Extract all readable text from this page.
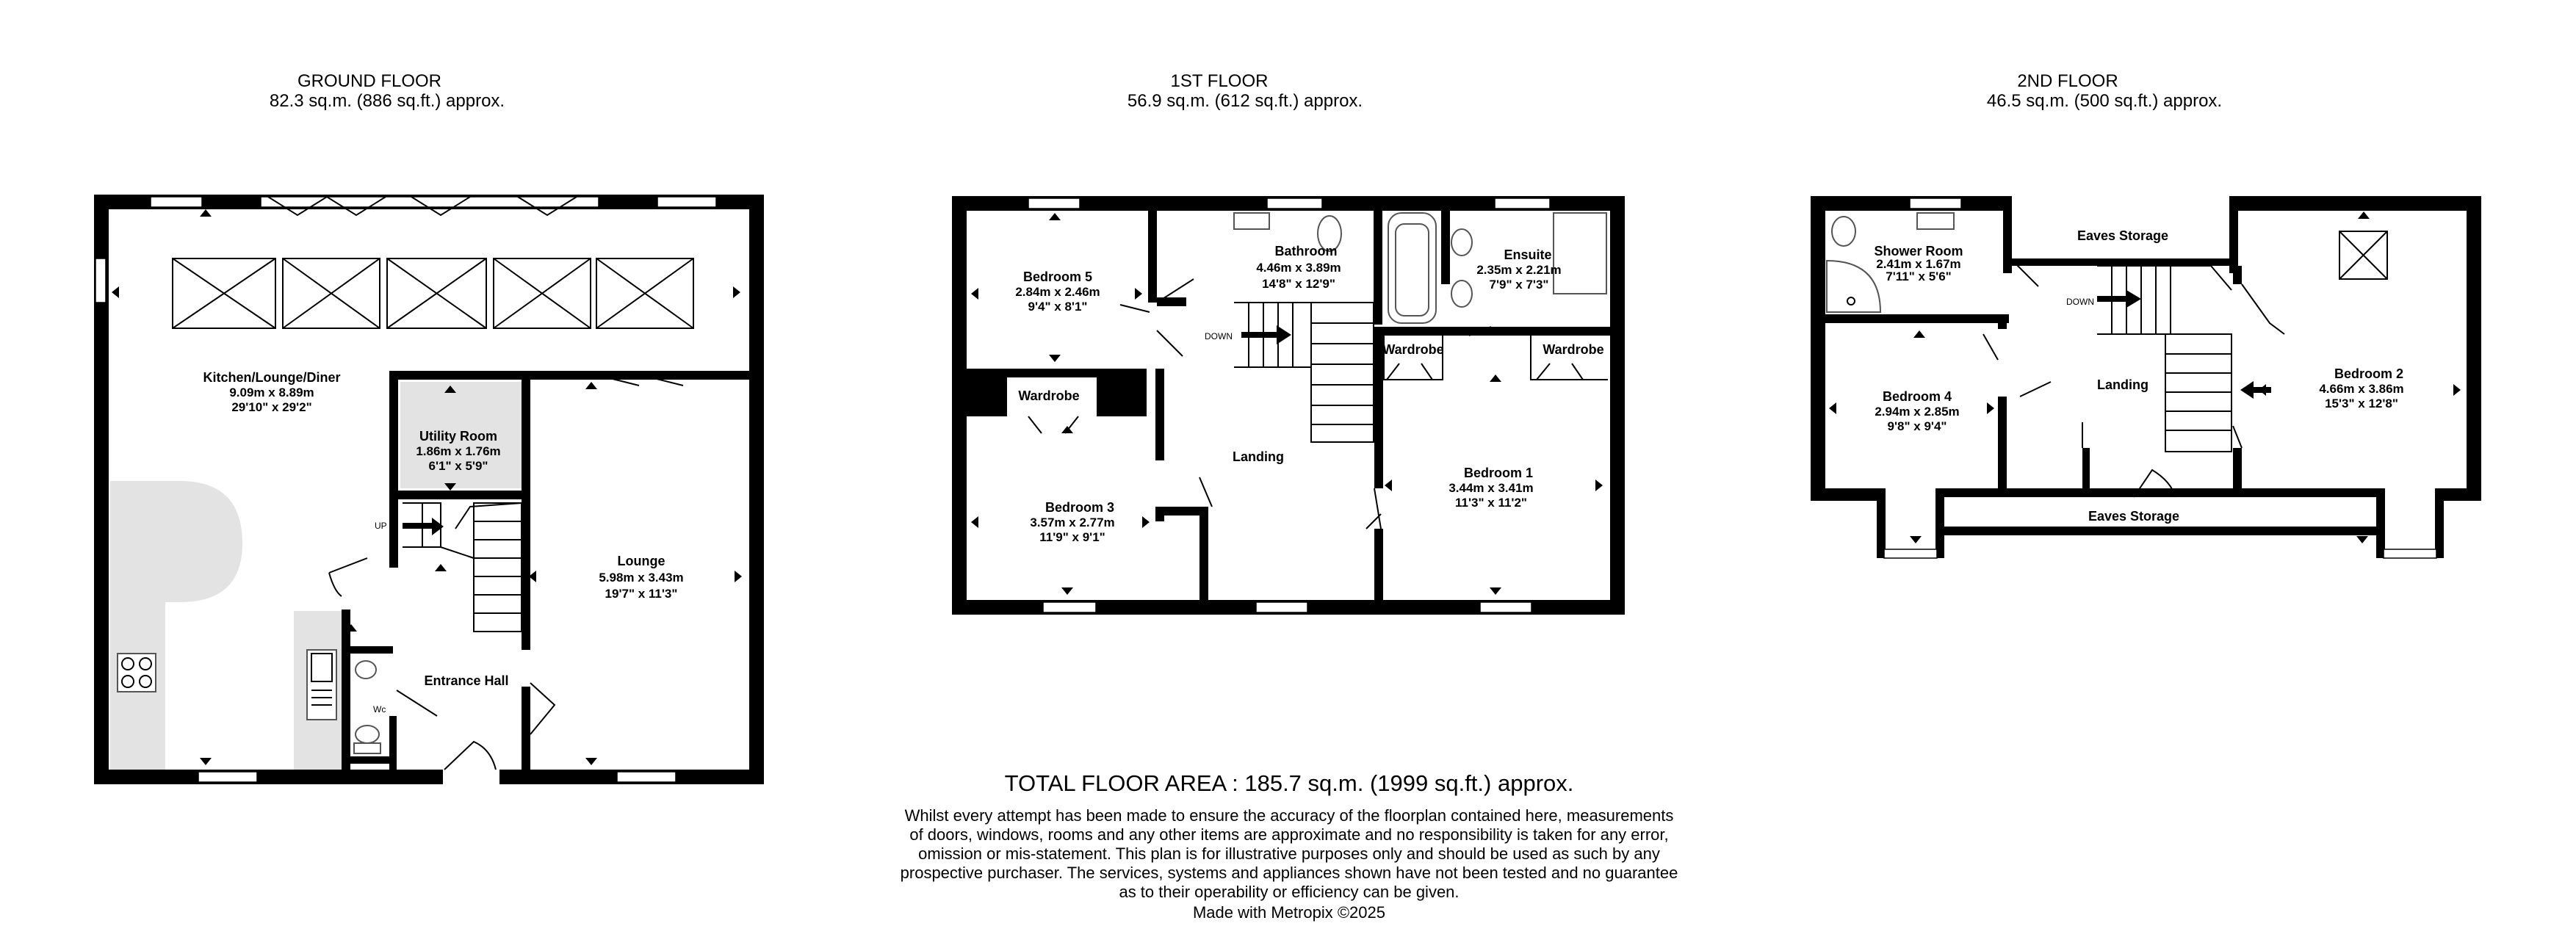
GROUND FLOOR
82.3 sq.m. (886 sq.ft.) approx.
1ST FLOOR
56.9 sq.m. (612 sq.ft.) approx.
2ND FLOOR
46.5 sq.m. (500 sq.ft.) approx.
UP
Wc
Kitchen/Lounge/Diner
9.09m x 8.89m
29'10" x 29'2"
Utility Room
1.86m x 1.76m
6'1" x 5'9"
Lounge
5.98m x 3.43m
19'7" x 11'3"
Entrance Hall
DOWN
Bedroom 5
2.84m x 2.46m
9'4" x 8'1"
Bathroom
4.46m x 3.89m
14'8" x 12'9"
Ensuite
2.35m x 2.21m
7'9" x 7'3"
Wardrobe
Wardrobe	Wardrobe
Landing
Bedroom 3
3.57m x 2.77m
11'9" x 9'1"
Bedroom 1
3.44m x 3.41m
11'3" x 11'2"
DOWN
Shower Room
2.41m x 1.67m
7'11" x 5'6"
Eaves Storage
Landing
Eaves Storage
Bedroom 4
2.94m x 2.85m
9'8" x 9'4"
Bedroom 2
4.66m x 3.86m
15'3" x 12'8"
TOTAL FLOOR AREA : 185.7 sq.m. (1999 sq.ft.) approx.
Whilst every attempt has been made to ensure the accuracy of the floorplan contained here, measurements
of doors, windows, rooms and any other items are approximate and no responsibility is taken for any error,
omission or mis-statement. This plan is for illustrative purposes only and should be used as such by any
prospective purchaser. The services, systems and appliances shown have not been tested and no guarantee
as to their operability or efficiency can be given.
Made with Metropix ©2025
